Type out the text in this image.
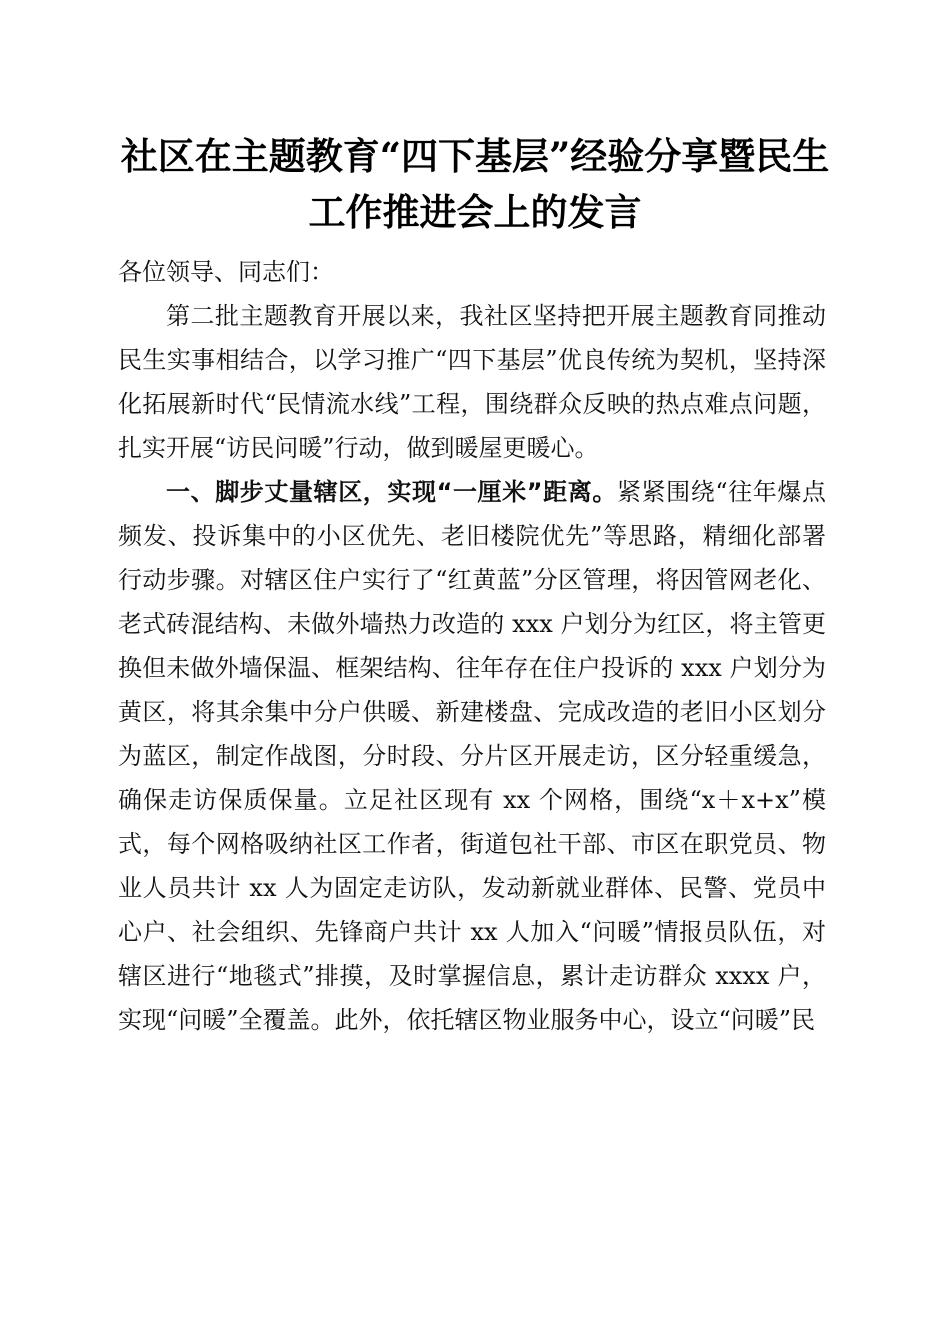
社区在主题教育“四下基层”经验分享暨民生
工作推进会上的发言

各位领导、同志们：

第二批主题教育开展以来，我社区坚持把开展主题教育同推动民生实事相结合，以学习推广“四下基层”优良传统为契机，坚持深化拓展新时代“民情流水线”工程，围绕群众反映的热点难点问题，扎实开展“访民问暖”行动，做到暖屋更暖心。

一、脚步丈量辖区，实现“一厘米”距离。紧紧围绕“往年爆点频发、投诉集中的小区优先、老旧楼院优先”等思路，精细化部署行动步骤。对辖区住户实行了“红黄蓝”分区管理，将因管网老化、老式砖混结构、未做外墙热力改造的 xxx 户划分为红区，将主管更换但未做外墙保温、框架结构、往年存在住户投诉的 xxx 户划分为黄区，将其余集中分户供暖、新建楼盘、完成改造的老旧小区划分为蓝区，制定作战图，分时段、分片区开展走访，区分轻重缓急，确保走访保质保量。立足社区现有 xx 个网格，围绕“x＋x+x”模式，每个网格吸纳社区工作者，街道包社干部、市区在职党员、物业人员共计 xx 人为固定走访队，发动新就业群体、民警、党员中心户、社会组织、先锋商户共计 xx 人加入“问暖”情报员队伍，对辖区进行“地毯式”排摸，及时掌握信息，累计走访群众 xxxx 户，实现“问暖”全覆盖。此外，依托辖区物业服务中心，设立“问暖”民
